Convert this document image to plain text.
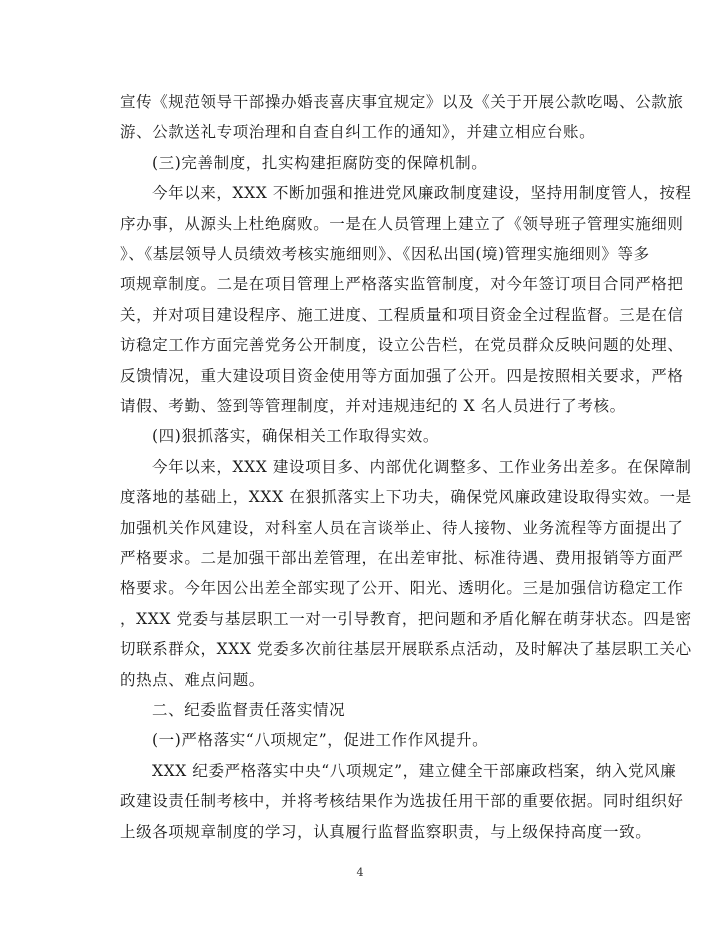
宣传《规范领导干部操办婚丧喜庆事宜规定》以及《关于开展公款吃喝、公款旅
游、公款送礼专项治理和自查自纠工作的通知》，并建立相应台账。
(三)完善制度，扎实构建拒腐防变的保障机制。
今年以来，XXX 不断加强和推进党风廉政制度建设，坚持用制度管人，按程
序办事，从源头上杜绝腐败。一是在人员管理上建立了《领导班子管理实施细则
》、《基层领导人员绩效考核实施细则》、《因私出国(境)管理实施细则》等多
项规章制度。二是在项目管理上严格落实监管制度，对今年签订项目合同严格把
关，并对项目建设程序、施工进度、工程质量和项目资金全过程监督。三是在信
访稳定工作方面完善党务公开制度，设立公告栏，在党员群众反映问题的处理、
反馈情况，重大建设项目资金使用等方面加强了公开。四是按照相关要求，严格
请假、考勤、签到等管理制度，并对违规违纪的 X 名人员进行了考核。
(四)狠抓落实，确保相关工作取得实效。
今年以来，XXX 建设项目多、内部优化调整多、工作业务出差多。在保障制
度落地的基础上，XXX 在狠抓落实上下功夫，确保党风廉政建设取得实效。一是
加强机关作风建设，对科室人员在言谈举止、待人接物、业务流程等方面提出了
严格要求。二是加强干部出差管理，在出差审批、标准待遇、费用报销等方面严
格要求。今年因公出差全部实现了公开、阳光、透明化。三是加强信访稳定工作
，XXX 党委与基层职工一对一引导教育，把问题和矛盾化解在萌芽状态。四是密
切联系群众，XXX 党委多次前往基层开展联系点活动，及时解决了基层职工关心
的热点、难点问题。
二、纪委监督责任落实情况
(一)严格落实“八项规定”，促进工作作风提升。
XXX 纪委严格落实中央“八项规定”，建立健全干部廉政档案，纳入党风廉
政建设责任制考核中，并将考核结果作为选拔任用干部的重要依据。同时组织好
上级各项规章制度的学习，认真履行监督监察职责，与上级保持高度一致。
4
